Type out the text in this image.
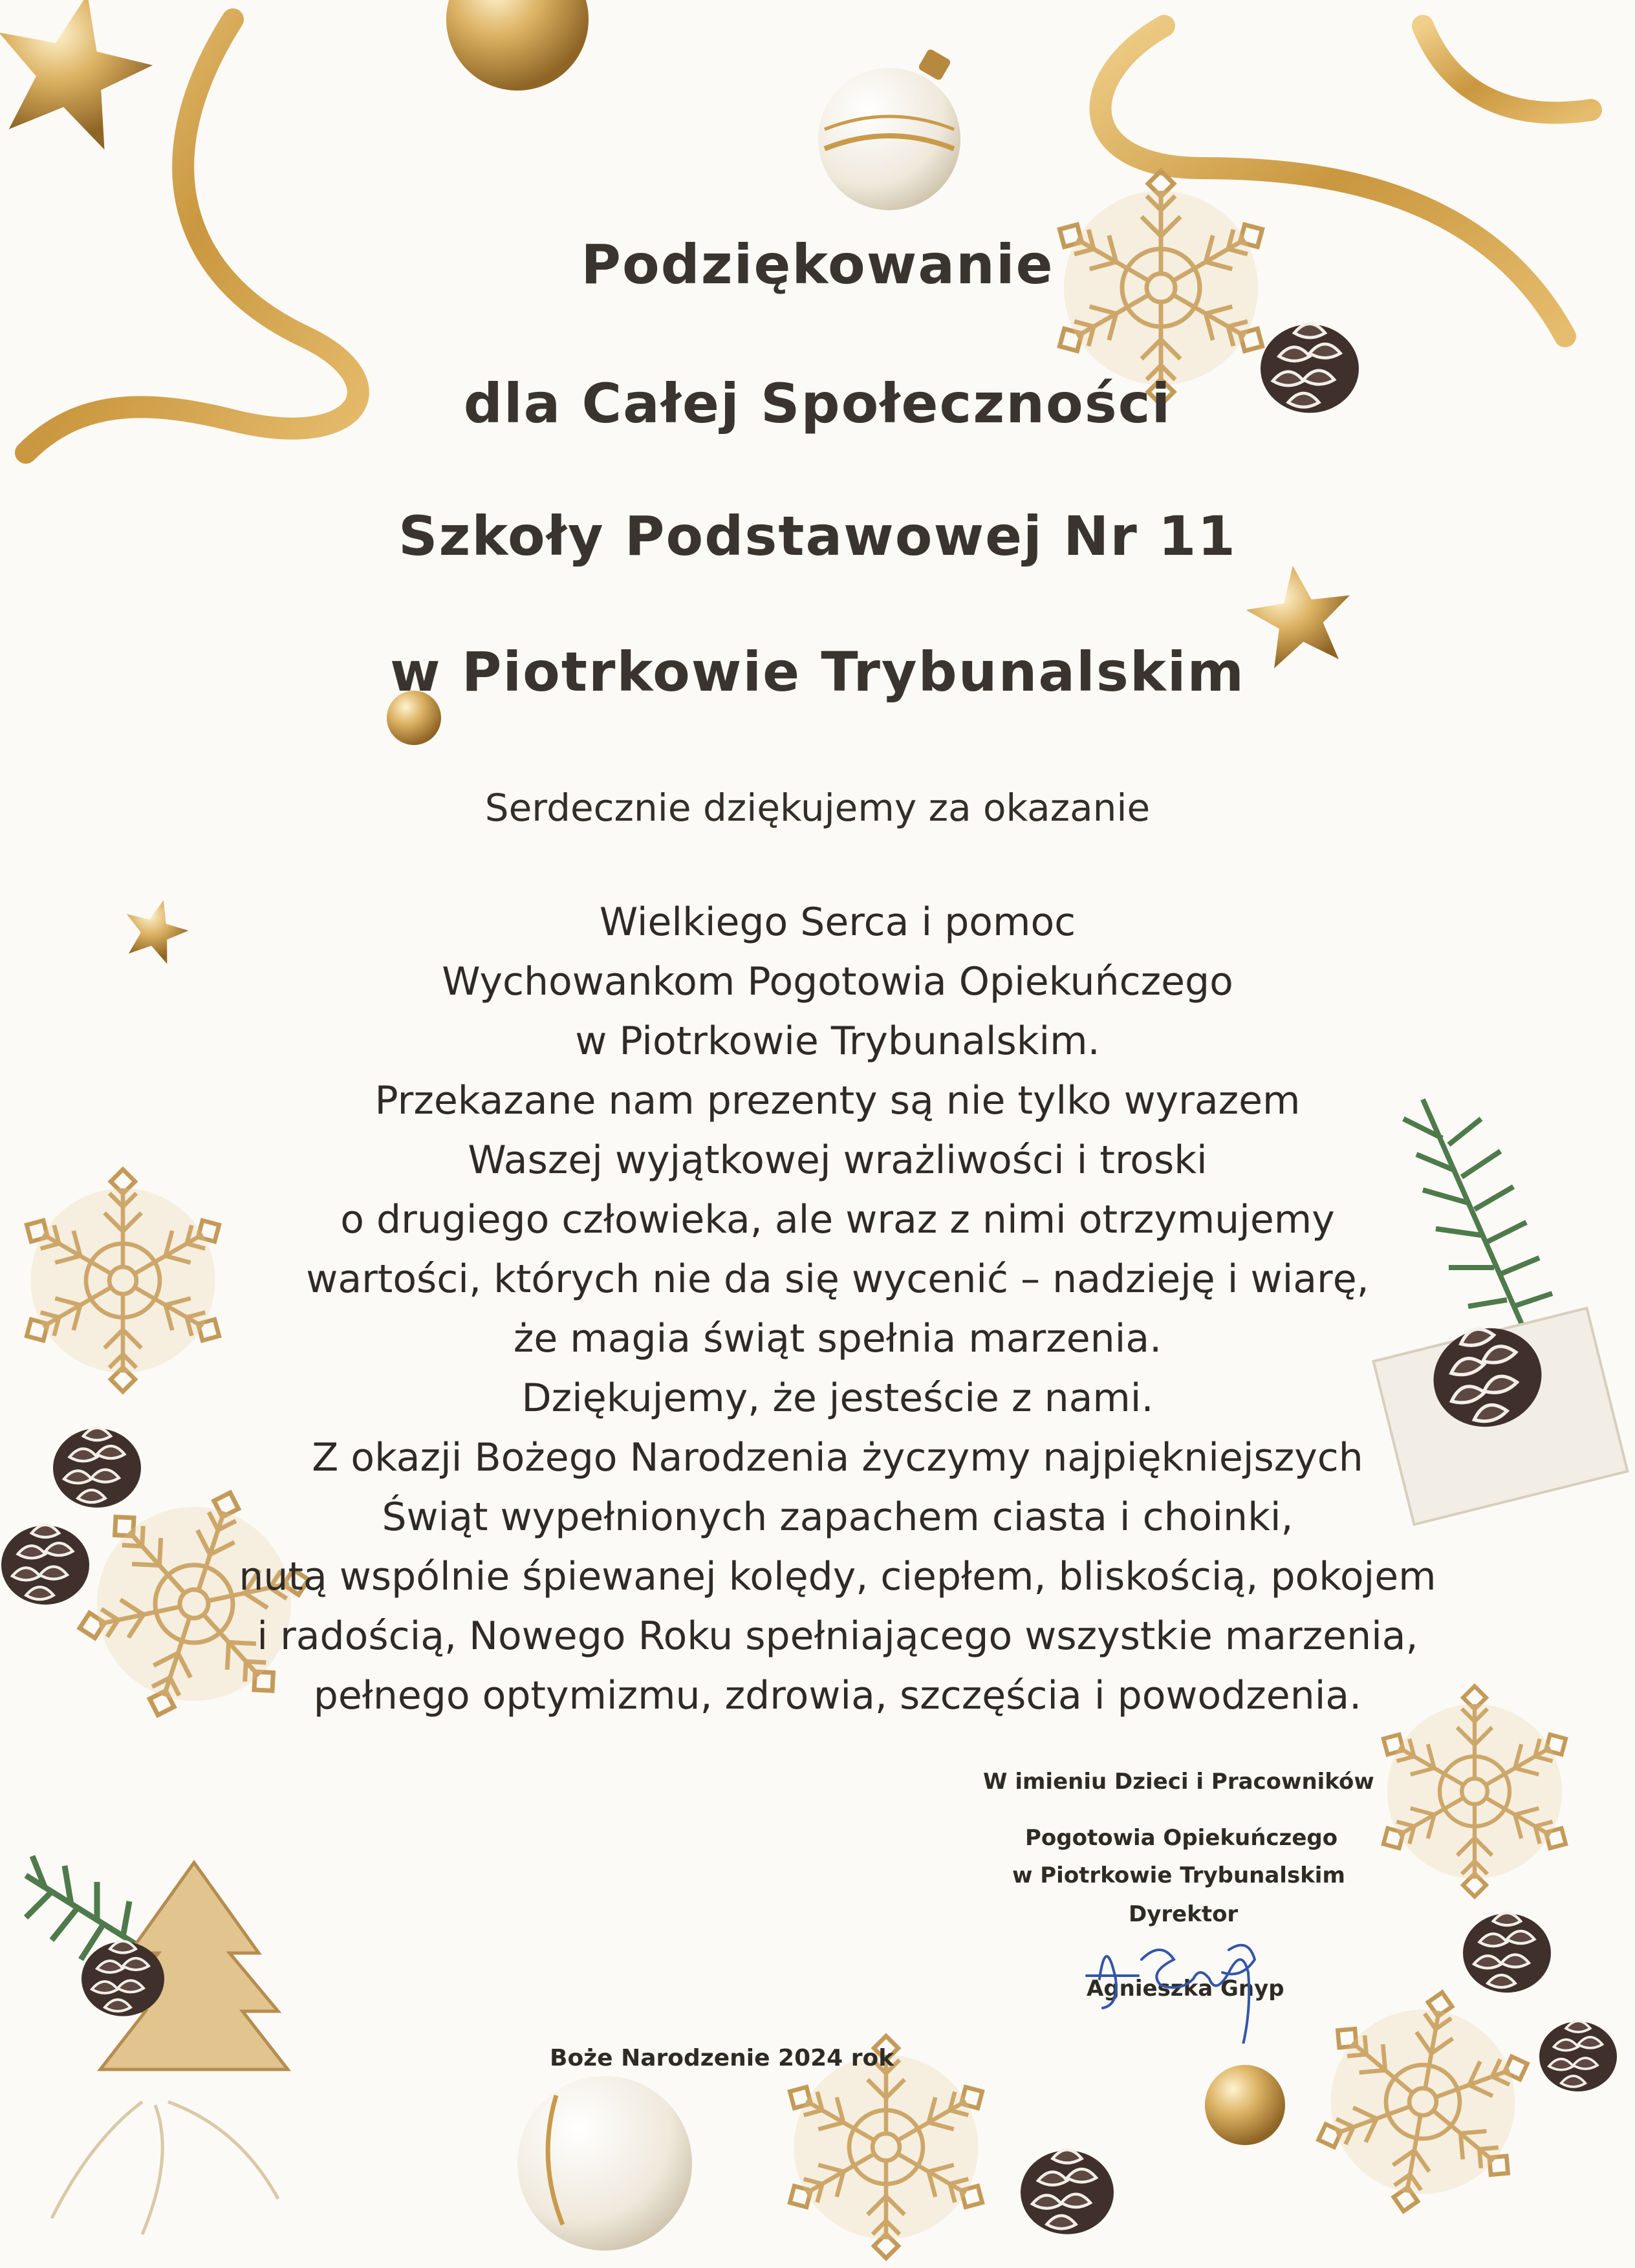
Podziękowanie
dla Całej Społeczności
Szkoły Podstawowej Nr 11
w Piotrkowie Trybunalskim
Serdecznie dziękujemy za okazanie
Wielkiego Serca i pomoc
Wychowankom Pogotowia Opiekuńczego
w Piotrkowie Trybunalskim.
Przekazane nam prezenty są nie tylko wyrazem
Waszej wyjątkowej wrażliwości i troski
o drugiego człowieka, ale wraz z nimi otrzymujemy
wartości, których nie da się wycenić – nadzieję i wiarę,
że magia świąt spełnia marzenia.
Dziękujemy, że jesteście z nami.
Z okazji Bożego Narodzenia życzymy najpiękniejszych
Świąt wypełnionych zapachem ciasta i choinki,
nutą wspólnie śpiewanej kolędy, ciepłem, bliskością, pokojem
i radością, Nowego Roku spełniającego wszystkie marzenia,
pełnego optymizmu, zdrowia, szczęścia i powodzenia.
W imieniu Dzieci i Pracowników
Pogotowia Opiekuńczego
w Piotrkowie Trybunalskim
Dyrektor
Agnieszka Gnyp
Boże Narodzenie 2024 rok
